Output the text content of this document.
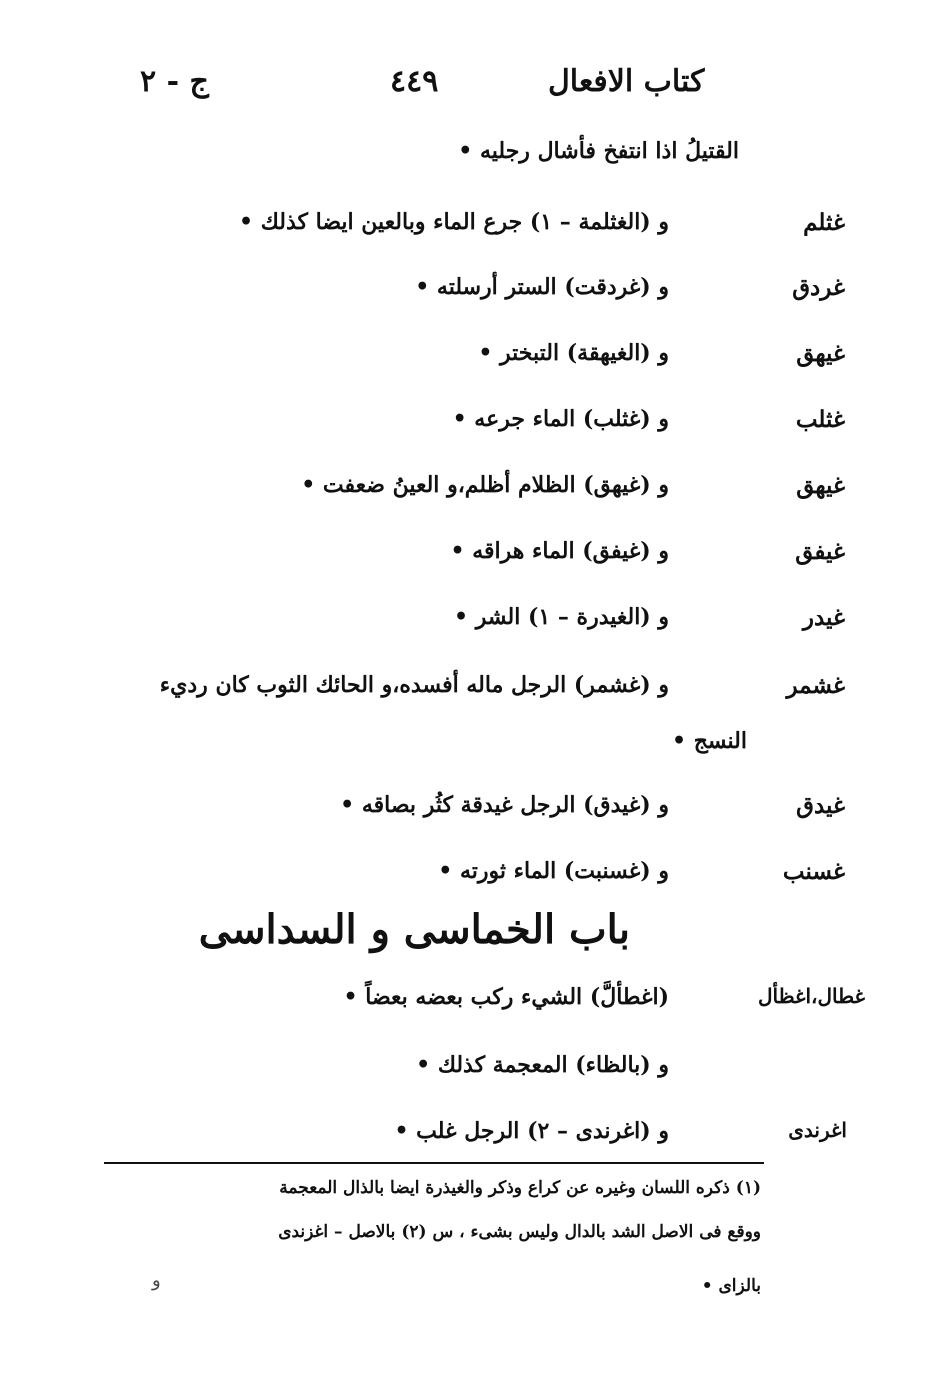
كتاب الافعال
٤٤٩
ج - ٢
القتيلُ اذا انتفخ فأشال رجليه •
غثلم
و (الغثلمة – ١) جرع الماء وبالعين ايضا كذلك •
غردق
و (غردقت) الستر أرسلته •
غيهق
و (الغيهقة) التبختر •
غثلب
و (غثلب) الماء جرعه •
غيهق
و (غيهق) الظلام أظلم،و العينُ ضعفت •
غيفق
و (غيفق) الماء هراقه •
غيدر
و (الغيدرة – ١) الشر •
غشمر
و (غشمر) الرجل ماله أفسده،و الحائك الثوب كان رديء
النسج •
غيدق
و (غيدق) الرجل غيدقة كثُر بصاقه •
غسنب
و (غسنبت) الماء ثورته •
باب الخماسى و السداسى
غطال،اغظأل
(اغطألَّ) الشيء ركب بعضه بعضاً •
و (بالظاء) المعجمة كذلك •
اغرندى
و (اغرندى – ٢) الرجل غلب •
(١) ذكره اللسان وغيره عن كراع وذكر والغيذرة ايضا بالذال المعجمة
ووقع فى الاصل الشد بالدال وليس بشىء ، س (٢) بالاصل – اغزندى
بالزاى •
و
